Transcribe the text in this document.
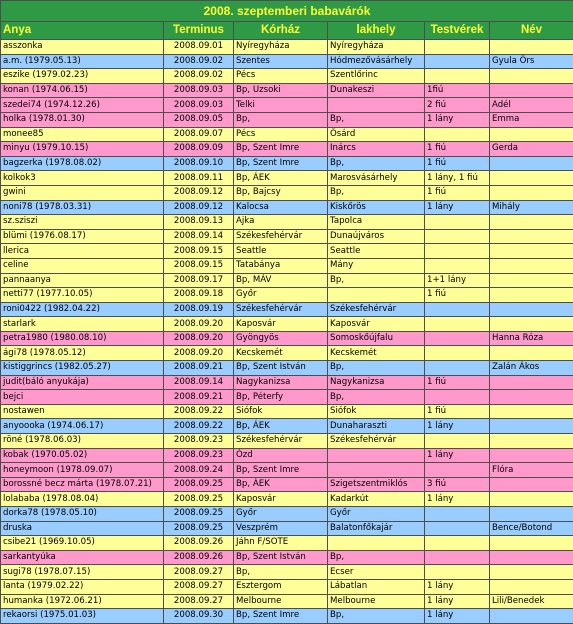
2008. szeptemberi babavárók					
Anya	Terminus	Kórház	lakhely	Testvérek	Név
asszonka	2008.09.01	Nyíregyháza	Nyíregyháza		
a.m. (1979.05.13)	2008.09.02	Szentes	Hódmezővásárhely		Gyula Örs
eszike (1979.02.23)	2008.09.02	Pécs	Szentlőrinc		
konan (1974.06.15)	2008.09.03	Bp, Uzsoki	Dunakeszi	1fiú	
szedei74 (1974.12.26)	2008.09.03	Telki		2 fiú	Adél
holka (1978.01.30)	2008.09.05	Bp,	Bp,	1 lány	Emma
monee85	2008.09.07	Pécs	Ősárd		
minyu (1979.10.15)	2008.09.09	Bp, Szent Imre	Inárcs	1 fiú	Gerda
bagzerka (1978.08.02)	2008.09.10	Bp, Szent Imre	Bp,	1 fiú	
kolkok3	2008.09.11	Bp, ÁEK	Marosvásárhely	1 lány, 1 fiú	
gwini	2008.09.12	Bp, Bajcsy	Bp,	1 fiú	
noni78 (1978.03.31)	2008.09.12	Kalocsa	Kiskőrös	1 lány	Mihály
sz.sziszi	2008.09.13	Ajka	Tapolca		
blümi (1976.08.17)	2008.09.14	Székesfehérvár	Dunaújváros		
llerica	2008.09.15	Seattle	Seattle		
celine	2008.09.15	Tatabánya	Mány		
pannaanya	2008.09.17	Bp, MÁV	Bp,	1+1 lány	
netti77 (1977.10.05)	2008.09.18	Győr		1 fiú	
roni0422 (1982.04.22)	2008.09.19	Székesfehérvár	Székesfehérvár		
starlark	2008.09.20	Kaposvár	Kaposvár		
petra1980 (1980.08.10)	2008.09.20	Gyöngyös	Somoskőújfalu		Hanna Róza
ági78 (1978.05.12)	2008.09.20	Kecskemét	Kecskemét		
kistiggrincs (1982.05.27)	2008.09.21	Bp, Szent István	Bp,		Zalán Ákos
judit(báló anyukája)	2008.09.14	Nagykanizsa	Nagykanizsa	1 fiú	
bejci	2008.09.21	Bp, Péterfy	Bp,		
nostawen	2008.09.22	Siófok	Siófok	1 fiú	
anyoooka (1974.06.17)	2008.09.22	Bp, ÁEK	Dunaharaszti	1 lány	
röné (1978.06.03)	2008.09.23	Székesfehérvár	Székesfehérvár		
kobak (1970.05.02)	2008.09.23	Ózd		1 lány	
honeymoon (1978.09.07)	2008.09.24	Bp, Szent Imre			Flóra
borossné becz márta (1978.07.21)	2008.09.25	Bp, ÁEK	Szigetszentmiklós	3 fiú	
lolababa (1978.08.04)	2008.09.25	Kaposvár	Kadarkút	1 lány	
dorka78 (1978.05.10)	2008.09.25	Győr	Győr		
druska	2008.09.25	Veszprém	Balatonfőkajár		Bence/Botond
csibe21 (1969.10.05)	2008.09.26	Jáhn F/SOTE			
sarkantyúka	2008.09.26	Bp, Szent István	Bp,		
sugi78 (1978.07.15)	2008.09.27	Bp,	Ecser		
lanta (1979.02.22)	2008.09.27	Esztergom	Lábatlan	1 lány	
humanka (1972.06.21)	2008.09.27	Melbourne	Melbourne	1 lány	Lili/Benedek
rekaorsi (1975.01.03)	2008.09.30	Bp, Szent Imre	Bp,	1 lány	
